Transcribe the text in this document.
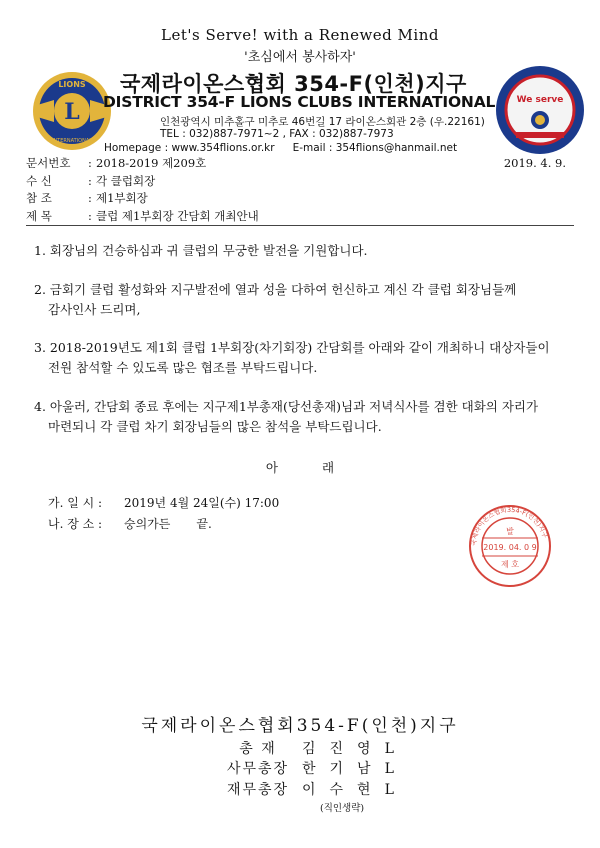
Let's Serve! with a Renewed Mind
'초심에서 봉사하자'
L
LIONS
INTERNATIONAL
국제라이온스협회 354-F(인천)지구
DISTRICT 354-F LIONS CLUBS INTERNATIONAL
인천광역시 미추홀구 미추로 46번길 17 라이온스회관 2층 (우.22161)
TEL : 032)887-7971~2 , FAX : 032)887-7973
Homepage : www.354flions.or.kr E-mail : 354flions@hanmail.net
We serve
문서번호	: 2018-2019 제209호	2019. 4. 9.
수 신	: 각 클럽회장
참 조	: 제1부회장
제 목	: 클럽 제1부회장 간담회 개최안내
1. 회장님의 건승하심과 귀 클럽의 무궁한 발전을 기원합니다.
2. 금회기 클럽 활성화와 지구발전에 열과 성을 다하여 헌신하고 계신 각 클럽 회장님들께
감사인사 드리며,
3. 2018-2019년도 제1회 클럽 1부회장(차기회장) 간담회를 아래와 같이 개최하니 대상자들이
전원 참석할 수 있도록 많은 협조를 부탁드립니다.
4. 아울러, 간담회 종료 후에는 지구제1부총재(당선총재)님과 저녁식사를 겸한 대화의 자리가
마련되니 각 클럽 차기 회장님들의 많은 참석을 부탁드립니다.
아	래
가. 일 시 : 2019년 4월 24일(수) 17:00
나. 장 소 : 숭의가든 끝.
국제라이온스협회354-F(인천)지구
발
2019. 04. 0 9
제 호
국제라이온스협회354-F(인천)지구
총 재 김진영L
사무총장 한기남L
재무총장 이수현L
(직인생략)
